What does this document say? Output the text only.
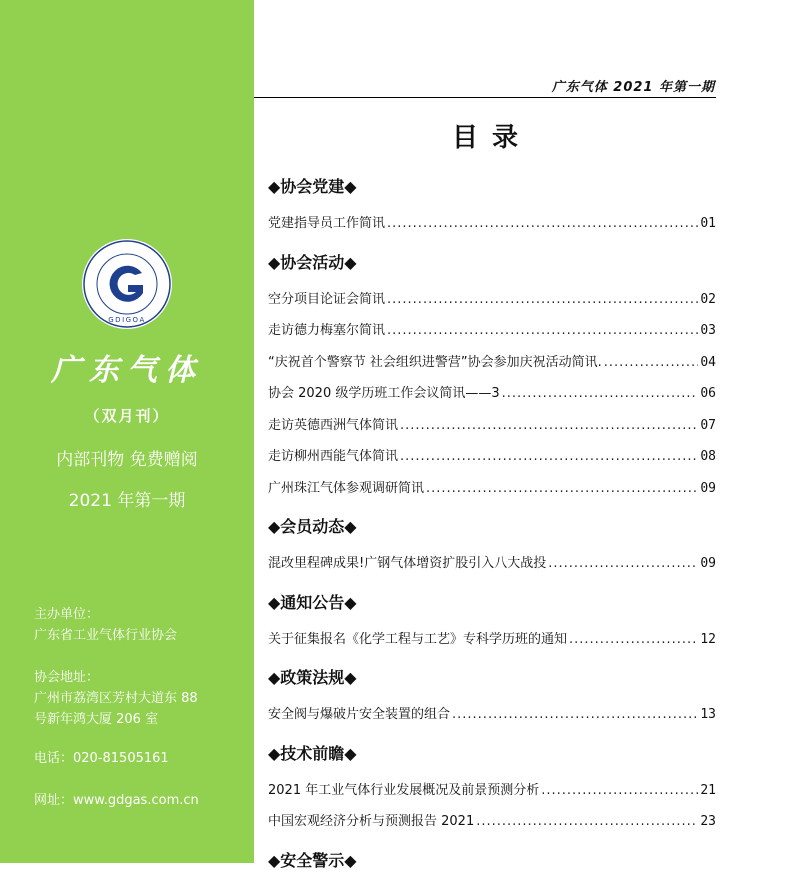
GDIGOA
广东气体
（双月刊）
内部刊物 免费赠阅
2021 年第一期
主办单位：
广东省工业气体行业协会
协会地址：
广州市荔湾区芳村大道东 88
号新年鸿大厦 206 室
电话：020-81505161
网址：www.gdgas.com.cn
广东气体 2021 年第一期
目录
◆协会党建◆
党建指导员工作简讯 .....	01
◆协会活动◆
空分项目论证会简讯 .....	02
走访德力梅塞尔简讯 .....	03
“庆祝首个警察节 社会组织进警营”协会参加庆祝活动简讯. .....	04
协会 2020 级学历班工作会议简讯——3 .....	06
走访英德西洲气体简讯 .....	07
走访柳州西能气体简讯 .....	08
广州珠江气体参观调研简讯 .....	09
◆会员动态◆
混改里程碑成果!广钢气体增资扩股引入八大战投 .....	09
◆通知公告◆
关于征集报名《化学工程与工艺》专科学历班的通知 .....	12
◆政策法规◆
安全阀与爆破片安全装置的组合 .....	13
◆技术前瞻◆
2021 年工业气体行业发展概况及前景预测分析 .....	21
中国宏观经济分析与预测报告 2021 .....	23
◆安全警示◆
